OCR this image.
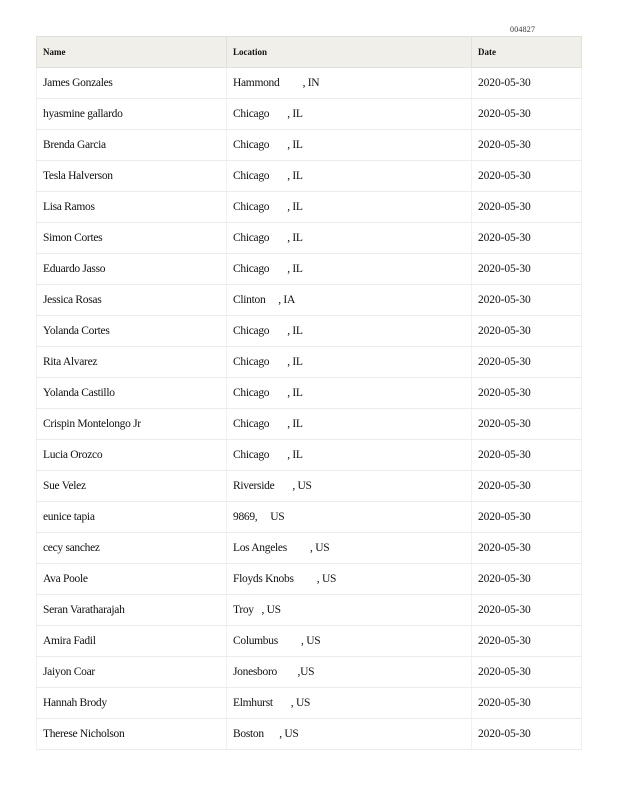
004827
Name	Location	Date
James Gonzales	Hammond         , IN	2020-05-30
hyasmine gallardo	Chicago       , IL	2020-05-30
Brenda Garcia	Chicago       , IL	2020-05-30
Tesla Halverson	Chicago       , IL	2020-05-30
Lisa Ramos	Chicago       , IL	2020-05-30
Simon Cortes	Chicago       , IL	2020-05-30
Eduardo Jasso	Chicago       , IL	2020-05-30
Jessica Rosas	Clinton     , IA	2020-05-30
Yolanda Cortes	Chicago       , IL	2020-05-30
Rita Alvarez	Chicago       , IL	2020-05-30
Yolanda Castillo	Chicago       , IL	2020-05-30
Crispin Montelongo Jr	Chicago       , IL	2020-05-30
Lucia Orozco	Chicago       , IL	2020-05-30
Sue Velez	Riverside       , US	2020-05-30
eunice tapia	9869,     US	2020-05-30
cecy sanchez	Los Angeles         , US	2020-05-30
Ava Poole	Floyds Knobs         , US	2020-05-30
Seran Varatharajah	Troy   , US	2020-05-30
Amira Fadil	Columbus         , US	2020-05-30
Jaiyon Coar	Jonesboro        ,US	2020-05-30
Hannah Brody	Elmhurst       , US	2020-05-30
Therese Nicholson	Boston      , US	2020-05-30
